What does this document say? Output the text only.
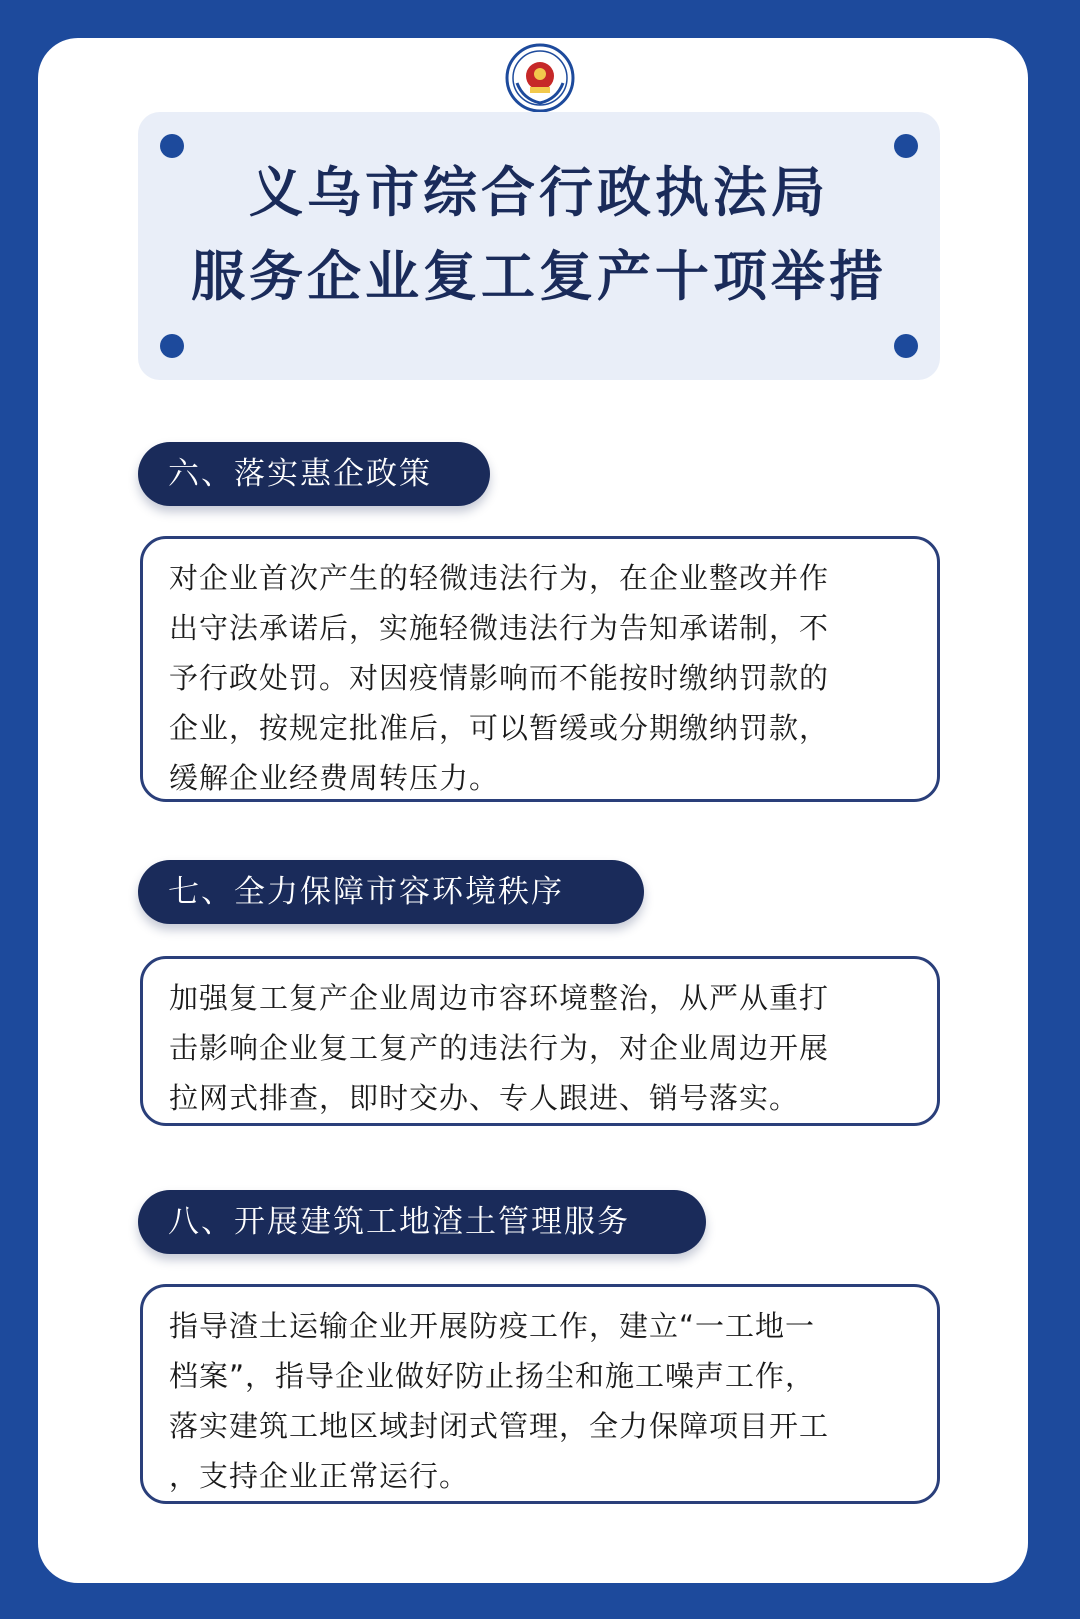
义乌市综合行政执法局
服务企业复工复产十项举措
六、落实惠企政策
对企业首次产生的轻微违法行为，在企业整改并作
出守法承诺后，实施轻微违法行为告知承诺制，不
予行政处罚。对因疫情影响而不能按时缴纳罚款的
企业，按规定批准后，可以暂缓或分期缴纳罚款，
缓解企业经费周转压力。
七、全力保障市容环境秩序
加强复工复产企业周边市容环境整治，从严从重打
击影响企业复工复产的违法行为，对企业周边开展
拉网式排查，即时交办、专人跟进、销号落实。
八、开展建筑工地渣土管理服务
指导渣土运输企业开展防疫工作，建立“一工地一
档案”，指导企业做好防止扬尘和施工噪声工作，
落实建筑工地区域封闭式管理，全力保障项目开工
，支持企业正常运行。
